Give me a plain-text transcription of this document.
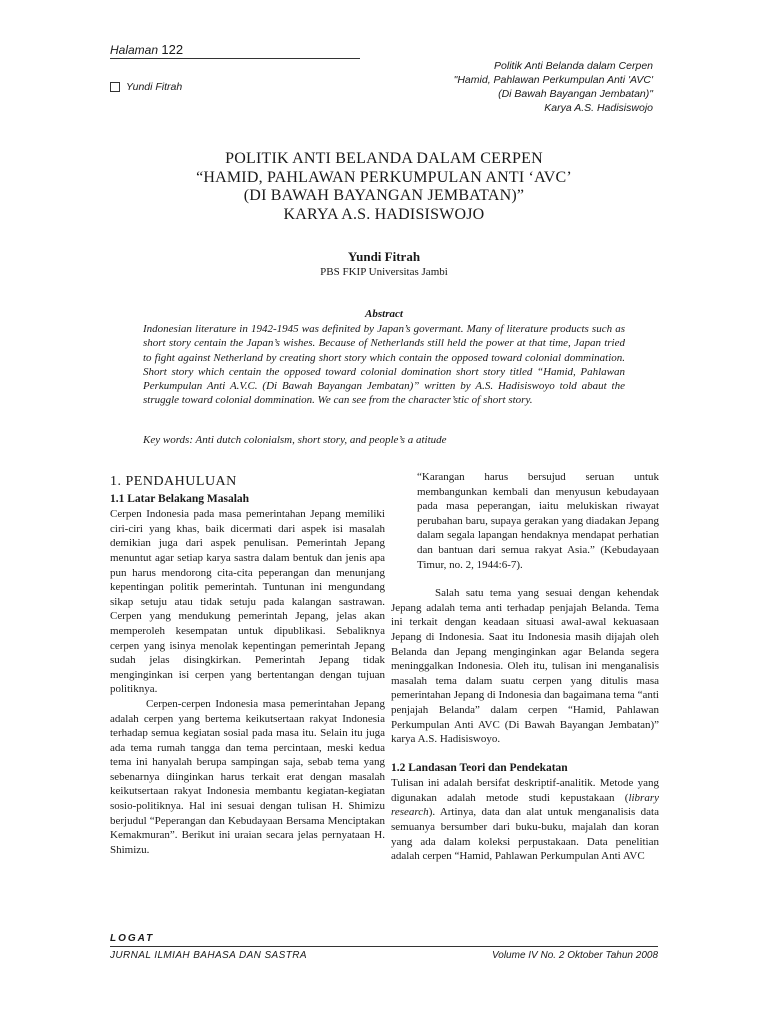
Halaman 122
Yundi Fitrah
Politik Anti Belanda dalam Cerpen
"Hamid, Pahlawan Perkumpulan Anti 'AVC'
(Di Bawah Bayangan Jembatan)"
Karya A.S. Hadisiswojo
POLITIK ANTI BELANDA DALAM CERPEN
“HAMID, PAHLAWAN PERKUMPULAN ANTI ‘AVC’
(DI BAWAH BAYANGAN JEMBATAN)”
KARYA A.S. HADISISWOJO
Yundi Fitrah
PBS FKIP Universitas Jambi
Abstract
Indonesian literature in 1942-1945 was definited by Japan’s govermant. Many of literature products such as short story centain the Japan’s wishes. Because of Netherlands still held the power at that time, Japan tried to fight against Netherland by creating short story which contain the opposed toward colonial dommination. Short story which centain the opposed toward colonial domination short story titled “Hamid, Pahlawan Perkumpulan Anti A.V.C. (Di Bawah Bayangan Jembatan)” written by A.S. Hadisiswoyo told abaut the struggle toward colonial dommination. We can see from the character’stic of short story.
Key words: Anti dutch colonialsm, short story, and people’s a atitude
1. PENDAHULUAN
1.1 Latar Belakang Masalah

Cerpen Indonesia pada masa pemerintahan Jepang memiliki ciri-ciri yang khas, baik dicermati dari aspek isi masalah demikian juga dari aspek penulisan. Pemerintah Jepang menuntut agar setiap karya sastra dalam bentuk dan jenis apa pun harus mendorong cita-cita peperangan dan menunjang kepentingan politik pemerintah. Tuntunan ini mengundang sikap setuju atau tidak setuju pada kalangan sastrawan. Cerpen yang mendukung pemerintah Jepang, jelas akan memperoleh kesempatan untuk dipublikasi. Sebaliknya cerpen yang isinya menolak kepentingan pemerintah Jepang sudah jelas disingkirkan. Pemerintah Jepang tidak menginginkan isi cerpen yang bertentangan dengan tujuan politiknya.

Cerpen-cerpen Indonesia masa pemerintahan Jepang adalah cerpen yang bertema keikutsertaan rakyat Indonesia terhadap semua kegiatan sosial pada masa itu. Selain itu juga ada tema rumah tangga dan tema percintaan, meski kedua tema ini hanyalah berupa sampingan saja, sebab tema yang sebenarnya diinginkan harus terkait erat dengan masalah keikutsertaan rakyat Indonesia membantu kegiatan-kegiatan sosio-politiknya. Hal ini sesuai dengan tulisan H. Shimizu berjudul “Peperangan dan Kebudayaan Bersama Menciptakan Kemakmuran”. Berikut ini uraian secara jelas pernyataan H. Shimizu.

“Karangan harus bersujud seruan untuk membangunkan kembali dan menyusun kebudayaan pada masa peperangan, iaitu melukiskan riwayat perubahan baru, supaya gerakan yang diadakan Jepang dalam segala lapangan hendaknya mendapat perhatian dan bantuan dari semua rakyat Asia.” (Kebudayaan Timur, no. 2, 1944:6-7).

Salah satu tema yang sesuai dengan kehendak Jepang adalah tema anti terhadap penjajah Belanda. Tema ini terkait dengan keadaan situasi awal-awal kekuasaan Jepang di Indonesia. Saat itu Indonesia masih dijajah oleh Belanda dan Jepang menginginkan agar Belanda segera meninggalkan Indonesia. Oleh itu, tulisan ini menganalisis masalah tema dalam suatu cerpen yang ditulis masa pemerintahan Jepang di Indonesia dan bagaimana tema “anti penjajah Belanda” dalam cerpen “Hamid, Pahlawan Perkumpulan Anti AVC (Di Bawah Bayangan Jembatan)” karya A.S. Hadisiswoyo.

1.2 Landasan Teori dan Pendekatan

Tulisan ini adalah bersifat deskriptif-analitik. Metode yang digunakan adalah metode studi kepustakaan (library research). Artinya, data dan alat untuk menganalisis data semuanya bersumber dari buku-buku, majalah dan koran yang ada dalam koleksi perpustakaan. Data penelitian adalah cerpen “Hamid, Pahlawan Perkumpulan Anti AVC

LOGAT
JURNAL ILMIAH BAHASA DAN SASTRA	Volume IV No. 2 Oktober Tahun 2008
